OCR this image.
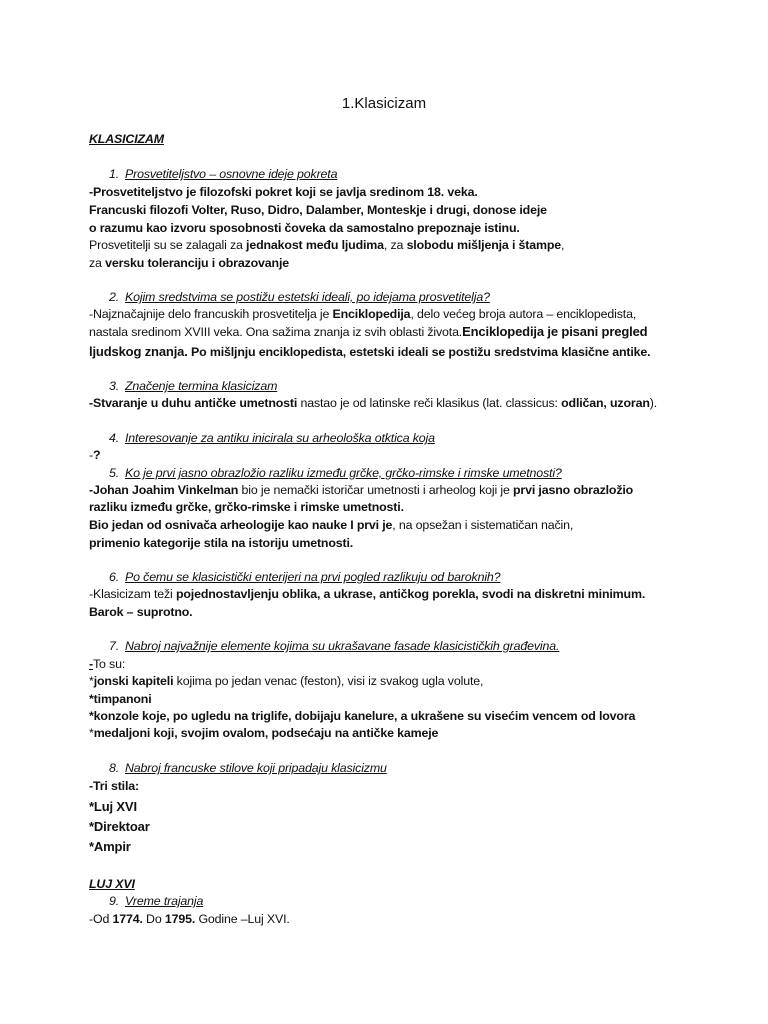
1.Klasicizam
KLASICIZAM
1. Prosvetiteljstvo – osnovne ideje pokreta
-Prosvetiteljstvo je filozofski pokret koji se javlja sredinom 18. veka.
Francuski filozofi Volter, Ruso, Didro, Dalamber, Monteskje i drugi, donose ideje
o razumu kao izvoru sposobnosti čoveka da samostalno prepoznaje istinu.
Prosvetitelji su se zalagali za jednakost među ljudima, za slobodu mišljenja i štampe,
za versku toleranciju i obrazovanje
2. Kojim sredstvima se postižu estetski ideali, po idejama prosvetitelja?
-Najznačajnije delo francuskih prosvetitelja je Enciklopedija, delo većeg broja autora – enciklopedista,
nastala sredinom XVIII veka. Ona sažima znanja iz svih oblasti života.Enciklopedija je pisani pregled
ljudskog znanja. Po mišljnju enciklopedista, estetski ideali se postižu sredstvima klasične antike.
3. Značenje termina klasicizam
-Stvaranje u duhu antičke umetnosti nastao je od latinske reči klasikus (lat. classicus: odličan, uzoran).
4. Interesovanje za antiku inicirala su arheološka otktica koja
-?
5. Ko je prvi jasno obrazložio razliku između grčke, grčko-rimske i rimske umetnosti?
-Johan Joahim Vinkelman bio je nemački istoričar umetnosti i arheolog koji je prvi jasno obrazložio
razliku između grčke, grčko-rimske i rimske umetnosti.
Bio jedan od osnivača arheologije kao nauke I prvi je, na opsežan i sistematičan način,
primenio kategorije stila na istoriju umetnosti.
6. Po čemu se klasicistički enterijeri na prvi pogled razlikuju od baroknih?
-Klasicizam teži pojednostavljenju oblika, a ukrase, antičkog porekla, svodi na diskretni minimum.
Barok – suprotno.
7. Nabroj najvažnije elemente kojima su ukrašavane fasade klasicističkih građevina.
-To su:
*jonski kapiteli kojima po jedan venac (feston), visi iz svakog ugla volute,
*timpanoni
*konzole koje, po ugledu na triglife, dobijaju kanelure, a ukrašene su visećim vencem od lovora
*medaljoni koji, svojim ovalom, podsećaju na antičke kameje
8. Nabroj francuske stilove koji pripadaju klasicizmu
-Tri stila:
*Luj XVI
*Direktoar
*Ampir
LUJ XVI
9. Vreme trajanja
-Od 1774. Do 1795. Godine –Luj XVI.
